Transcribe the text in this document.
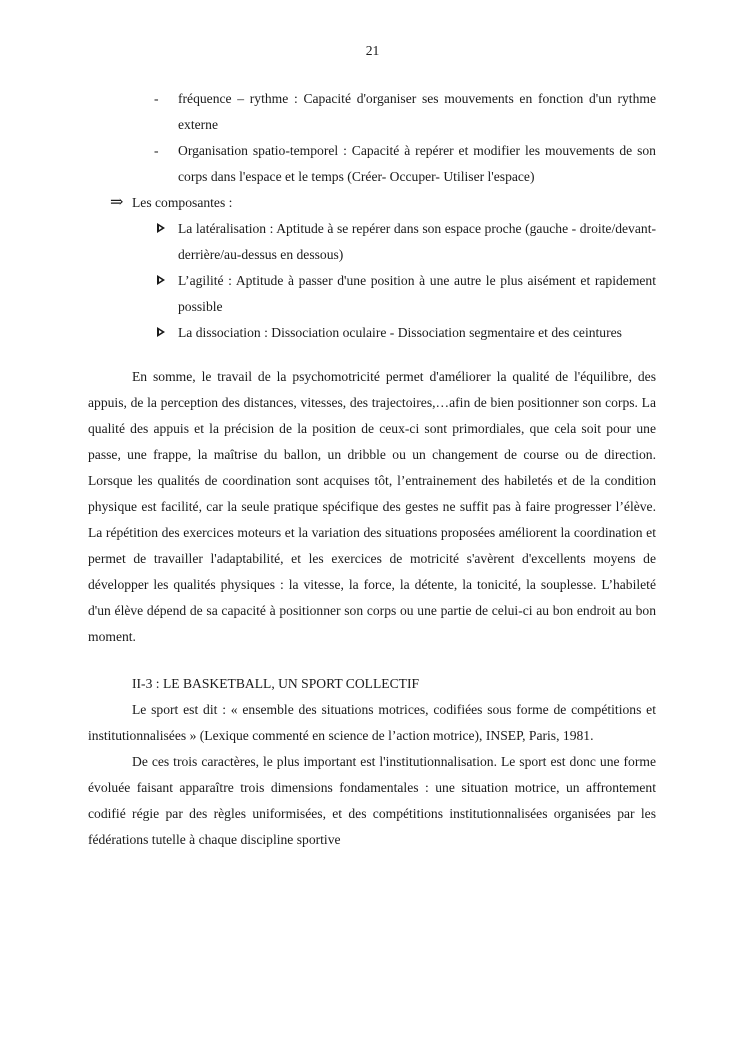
21
- fréquence – rythme : Capacité d'organiser ses mouvements en fonction d'un rythme externe
- Organisation spatio-temporel : Capacité à repérer et modifier les mouvements de son corps dans l'espace et le temps (Créer- Occuper- Utiliser l'espace)
⇒ Les composantes :
La latéralisation : Aptitude à se repérer dans son espace proche (gauche - droite/devant-derrière/au-dessus en dessous)
L’agilité : Aptitude à passer d'une position à une autre le plus aisément et rapidement possible
La dissociation : Dissociation oculaire - Dissociation segmentaire et des ceintures

En somme, le travail de la psychomotricité permet d'améliorer la qualité de l'équilibre, des appuis, de la perception des distances, vitesses, des trajectoires,…afin de bien positionner son corps. La qualité des appuis et la précision de la position de ceux-ci sont primordiales, que cela soit pour une passe, une frappe, la maîtrise du ballon, un dribble ou un changement de course ou de direction. Lorsque les qualités de coordination sont acquises tôt, l’entrainement des habiletés et de la condition physique est facilité, car la seule pratique spécifique des gestes ne suffit pas à faire progresser l’élève. La répétition des exercices moteurs et la variation des situations proposées améliorent la coordination et permet de travailler l'adaptabilité, et les exercices de motricité s'avèrent d'excellents moyens de développer les qualités physiques : la vitesse, la force, la détente, la tonicité, la souplesse. L’habileté d'un élève dépend de sa capacité à positionner son corps ou une partie de celui-ci au bon endroit au bon moment.

II-3 : LE BASKETBALL, UN SPORT COLLECTIF

Le sport est dit : « ensemble des situations motrices, codifiées sous forme de compétitions et institutionnalisées » (Lexique commenté en science de l’action motrice), INSEP, Paris, 1981.

De ces trois caractères, le plus important est l'institutionnalisation. Le sport est donc une forme évoluée faisant apparaître trois dimensions fondamentales : une situation motrice, un affrontement codifié régie par des règles uniformisées, et des compétitions institutionnalisées organisées par les fédérations tutelle à chaque discipline sportive
